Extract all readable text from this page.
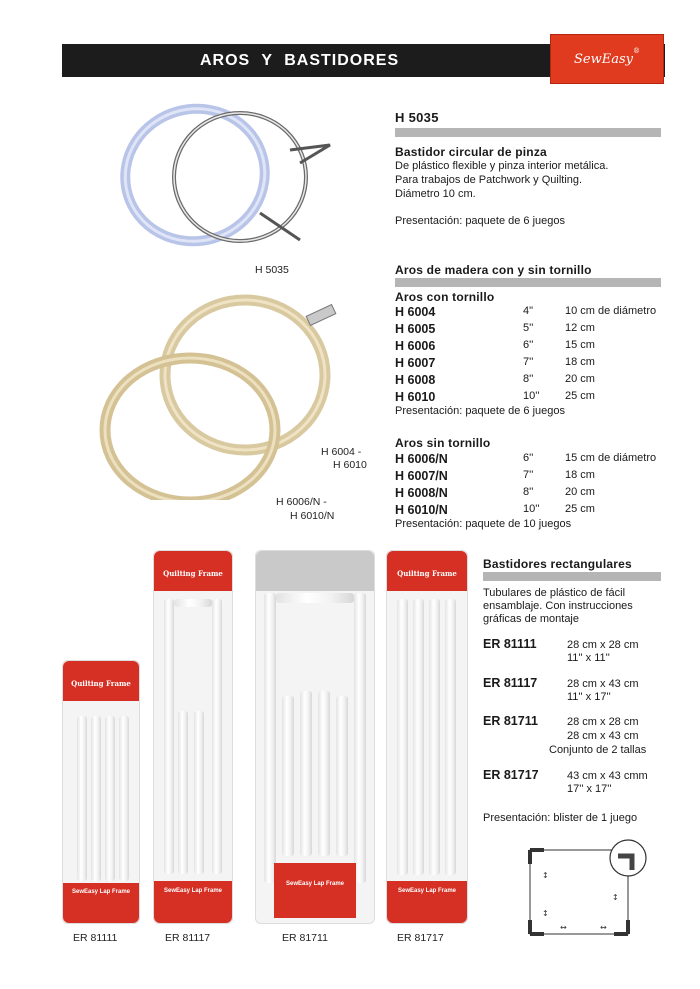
AROS Y BASTIDORES	SewEasy
®
H 5035
H 5035
Bastidor circular de pinza
De plástico flexible y pinza interior metálica.
Para trabajos de Patchwork y Quilting.
Diámetro 10 cm.
Presentación: paquete de 6 juegos
H 6004 -
H 6010
H 6006/N -
H 6010/N
Aros de madera con y sin tornillo
Aros con tornillo
H 6004	4"	10 cm de diámetro
H 6005	5''	12 cm
H 6006	6''	15 cm
H 6007	7''	18 cm
H 6008	8''	20 cm
H 6010	10''	25 cm
Presentación: paquete de 6 juegos
Aros sin tornillo
H 6006/N	6''	15 cm de diámetro
H 6007/N	7''	18 cm
H 6008/N	8''	20 cm
H 6010/N	10''	25 cm
Presentación: paquete de 10 juegos
Bastidores rectangulares
Tubulares de plástico de fácil
ensamblaje. Con instrucciones
gráficas de montaje
ER 81111	28 cm x 28 cm
11'' x 11''
ER 81117	28 cm x 43 cm
11'' x 17''
ER 81711	28 cm x 28 cm
28 cm x 43 cm
Conjunto de 2 tallas
ER 81717	43 cm x 43 cmm
17'' x 17''
Presentación: blister de 1 juego
↕
↕
↔	↔
↕
Quilting Frame
SewEasy Lap Frame
ER 81111
Quilting Frame
SewEasy Lap Frame
ER 81117
SewEasy Lap Frame
ER 81711
Quilting Frame
SewEasy Lap Frame
ER 81717
